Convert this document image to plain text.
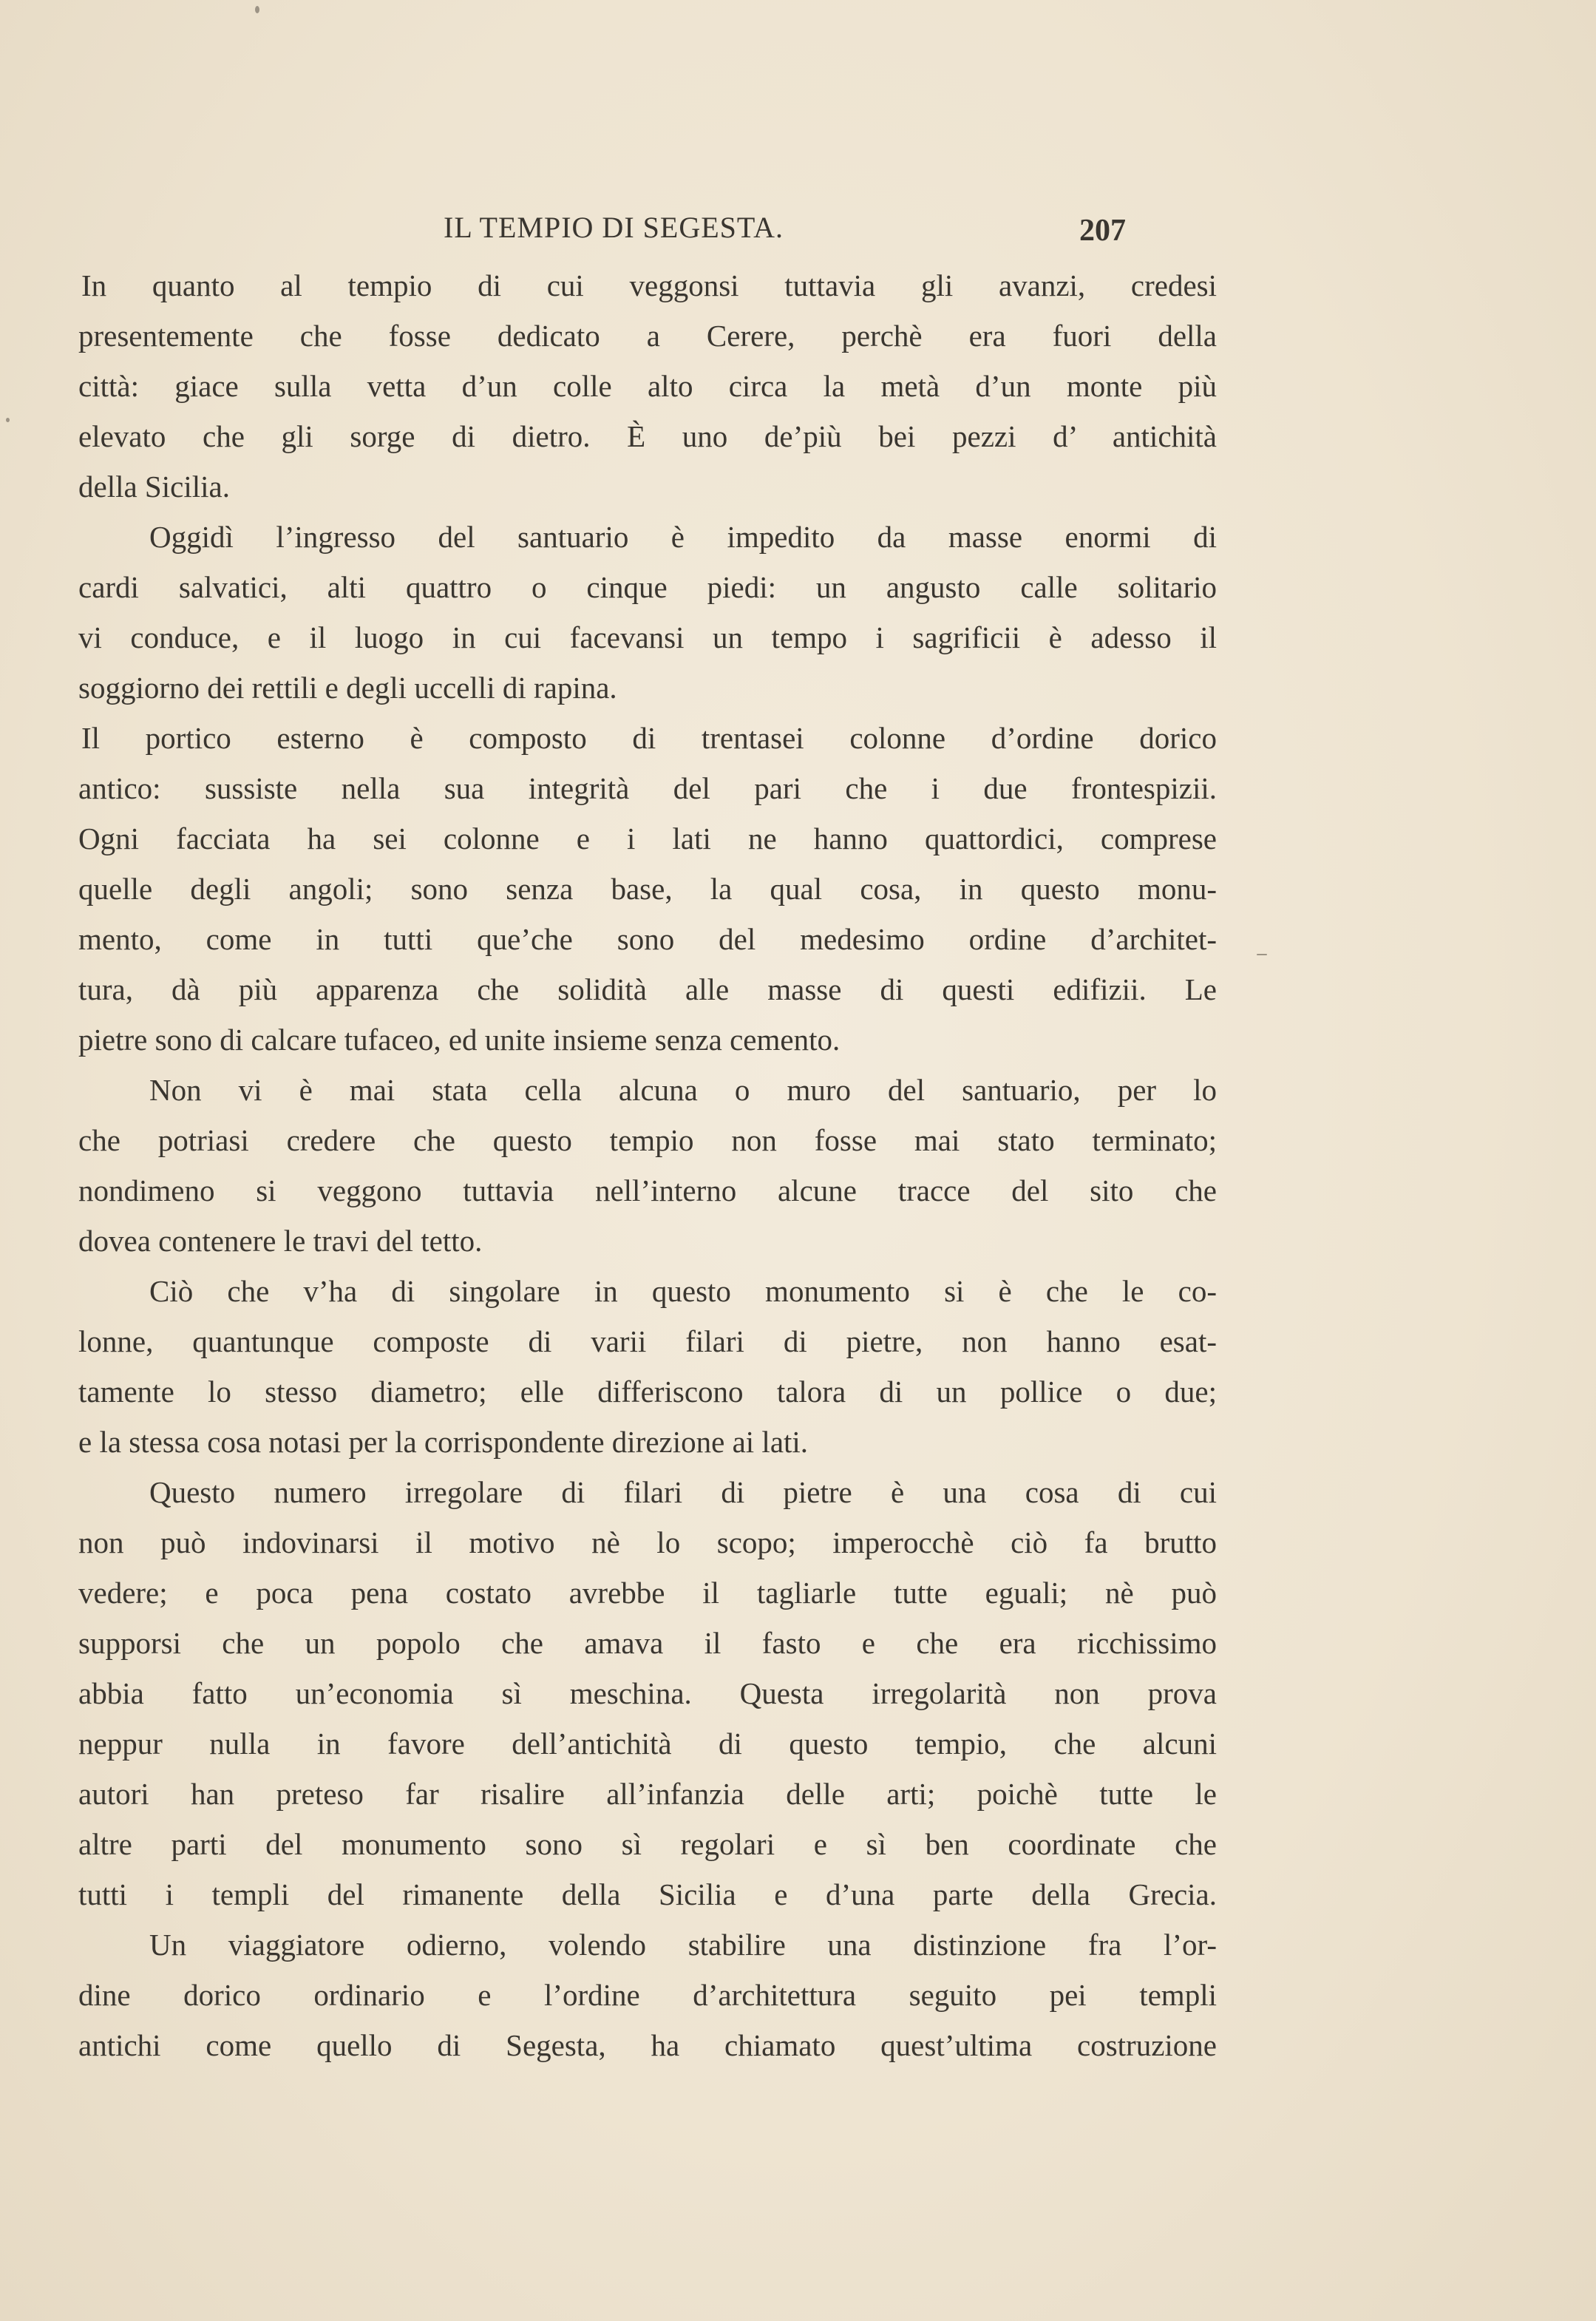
IL TEMPIO DI SEGESTA.	207
In quanto al tempio di cui veggonsi tuttavia gli avanzi, credesi
presentemente che fosse dedicato a Cerere, perchè era fuori della
città: giace sulla vetta d’un colle alto circa la metà d’un monte più
elevato che gli sorge di dietro. È uno de’più bei pezzi d’ antichità
della Sicilia.
Oggidì l’ingresso del santuario è impedito da masse enormi di
cardi salvatici, alti quattro o cinque piedi: un angusto calle solitario
vi conduce, e il luogo in cui facevansi un tempo i sagrificii è adesso il
soggiorno dei rettili e degli uccelli di rapina.
Il portico esterno è composto di trentasei colonne d’ordine dorico
antico: sussiste nella sua integrità del pari che i due frontespizii.
Ogni facciata ha sei colonne e i lati ne hanno quattordici, comprese
quelle degli angoli; sono senza base, la qual cosa, in questo monu-
mento, come in tutti que’che sono del medesimo ordine d’architet-
tura, dà più apparenza che solidità alle masse di questi edifizii. Le
pietre sono di calcare tufaceo, ed unite insieme senza cemento.
Non vi è mai stata cella alcuna o muro del santuario, per lo
che potriasi credere che questo tempio non fosse mai stato terminato;
nondimeno si veggono tuttavia nell’interno alcune tracce del sito che
dovea contenere le travi del tetto.
Ciò che v’ha di singolare in questo monumento si è che le co-
lonne, quantunque composte di varii filari di pietre, non hanno esat-
tamente lo stesso diametro; elle differiscono talora di un pollice o due;
e la stessa cosa notasi per la corrispondente direzione ai lati.
Questo numero irregolare di filari di pietre è una cosa di cui
non può indovinarsi il motivo nè lo scopo; imperocchè ciò fa brutto
vedere; e poca pena costato avrebbe il tagliarle tutte eguali; nè può
supporsi che un popolo che amava il fasto e che era ricchissimo
abbia fatto un’economia sì meschina. Questa irregolarità non prova
neppur nulla in favore dell’antichità di questo tempio, che alcuni
autori han preteso far risalire all’infanzia delle arti; poichè tutte le
altre parti del monumento sono sì regolari e sì ben coordinate che
tutti i templi del rimanente della Sicilia e d’una parte della Grecia.
Un viaggiatore odierno, volendo stabilire una distinzione fra l’or-
dine dorico ordinario e l’ordine d’architettura seguito pei templi
antichi come quello di Segesta, ha chiamato quest’ultima costruzione
